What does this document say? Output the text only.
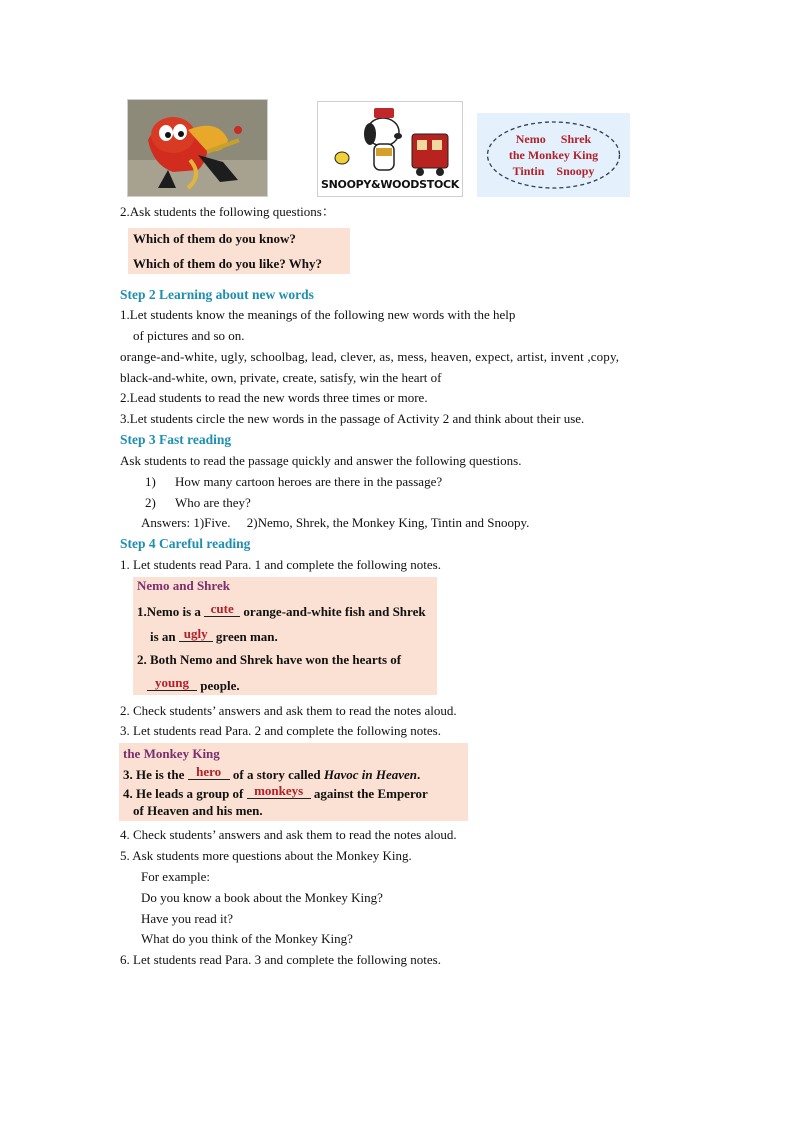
SNOOPY&WOODSTOCK
Nemo Shrek
the Monkey King
Tintin Snoopy
2.Ask students the following questions：
Which of them do you know?
Which of them do you like? Why?
Step 2 Learning about new words
1.Let students know the meanings of the following new words with the help
of pictures and so on.
orange-and-white, ugly, schoolbag, lead, clever, as, mess, heaven, expect, artist, invent ,copy,
black-and-white, own, private, create, satisfy, win the heart of
2.Lead students to read the new words three times or more.
3.Let students circle the new words in the passage of Activity 2 and think about their use.
Step 3 Fast reading
Ask students to read the passage quickly and answer the following questions.
1) How many cartoon heroes are there in the passage?
2) Who are they?
Answers: 1)Five.     2)Nemo, Shrek, the Monkey King, Tintin and Snoopy.
Step 4 Careful reading
1. Let students read Para. 1 and complete the following notes.
Nemo and Shrek
1.Nemo is a cute orange-and-white fish and Shrek
is an ugly green man.
2. Both Nemo and Shrek have won the hearts of
young people.
2. Check students’ answers and ask them to read the notes aloud.
3. Let students read Para. 2 and complete the following notes.
the Monkey King
3. He is the hero of a story called Havoc in Heaven.
4. He leads a group of monkeys against the Emperor
of Heaven and his men.
4. Check students’ answers and ask them to read the notes aloud.
5. Ask students more questions about the Monkey King.
For example:
Do you know a book about the Monkey King?
Have you read it?
What do you think of the Monkey King?
6. Let students read Para. 3 and complete the following notes.
